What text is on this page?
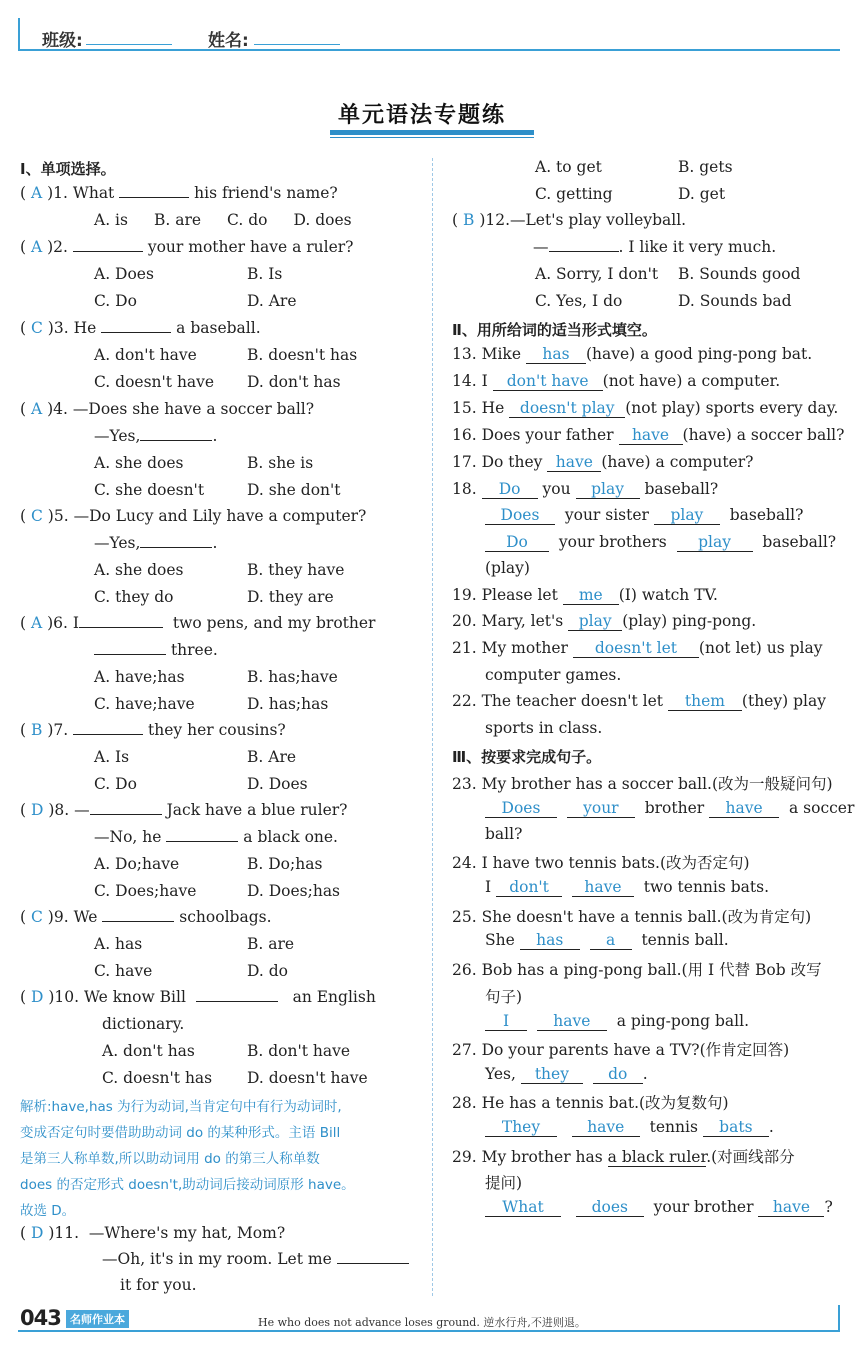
班级:	姓名:
单元语法专题练
Ⅰ、单项选择。
( A )1. What	his friend's name?
A. is B. are C. do D. does
( A )2.	your mother have a ruler?
A. Does	B. Is
C. Do	D. Are
( C )3. He	a baseball.
A. don't have	B. doesn't has
C. doesn't have D. don't has
( A )4. —Does she have a soccer ball?
—Yes,	.
A. she does	B. she is
C. she doesn't	D. she don't
( C )5. —Do Lucy and Lily have a computer?
—Yes,	.
A. she does	B. they have
C. they do	D. they are
( A )6. I	two pens, and my brother
three.
A. have;has	B. has;have
C. have;have	D. has;has
( B )7.	they her cousins?
A. Is	B. Are
C. Do	D. Does
( D )8. —	Jack have a blue ruler?
—No, he	a black one.
A. Do;have	B. Do;has
C. Does;have	D. Does;has
( C )9. We	schoolbags.
A. has	B. are
C. have	D. do
( D )10. We know Bill	an English
dictionary.
A. don't has	B. don't have
C. doesn't has D. doesn't have
解析:have,has 为行为动词,当肯定句中有行为动词时,
变成否定句时要借助助动词 do 的某种形式。主语 Bill
是第三人称单数,所以助动词用 do 的第三人称单数
does 的否定形式 doesn't,助动词后接动词原形 have。
故选 D。
( D )11. —Where's my hat, Mom?
—Oh, it's in my room. Let me
it for you.
A. to get	B. gets
C. getting	D. get
( B )12.—Let's play volleyball.
—	. I like it very much.
A. Sorry, I don't B. Sounds good
C. Yes, I do	D. Sounds bad
Ⅱ、用所给词的适当形式填空。
13. Mike has (have) a good ping-pong bat.
14. I don't have (not have) a computer.
15. He doesn't play (not play) sports every day.
16. Does your father have (have) a soccer ball?
17. Do they have (have) a computer?
18. Do you play baseball?
Does your sister play baseball?
Do your brothers play baseball?
(play)
19. Please let me (I) watch TV.
20. Mary, let's play (play) ping-pong.
21. My mother doesn't let (not let) us play
computer games.
22. The teacher doesn't let them (they) play
sports in class.
Ⅲ、按要求完成句子。
23. My brother has a soccer ball.(改为一般疑问句)
Does	your brother have a soccer
ball?
24. I have two tennis bats.(改为否定句)
I don't have two tennis bats.
25. She doesn't have a tennis ball.(改为肯定句)
She has	a tennis ball.
26. Bob has a ping-pong ball.(用 I 代替 Bob 改写
句子)
I	have a ping-pong ball.
27. Do your parents have a TV?(作肯定回答)
Yes, they	do .
28. He has a tennis bat.(改为复数句)
They	have tennis bats .
29. My brother has a black ruler.(对画线部分
提问)
What	does your brother have ?
043 名师作业本	He who does not advance loses ground. 逆水行舟,不进则退。
